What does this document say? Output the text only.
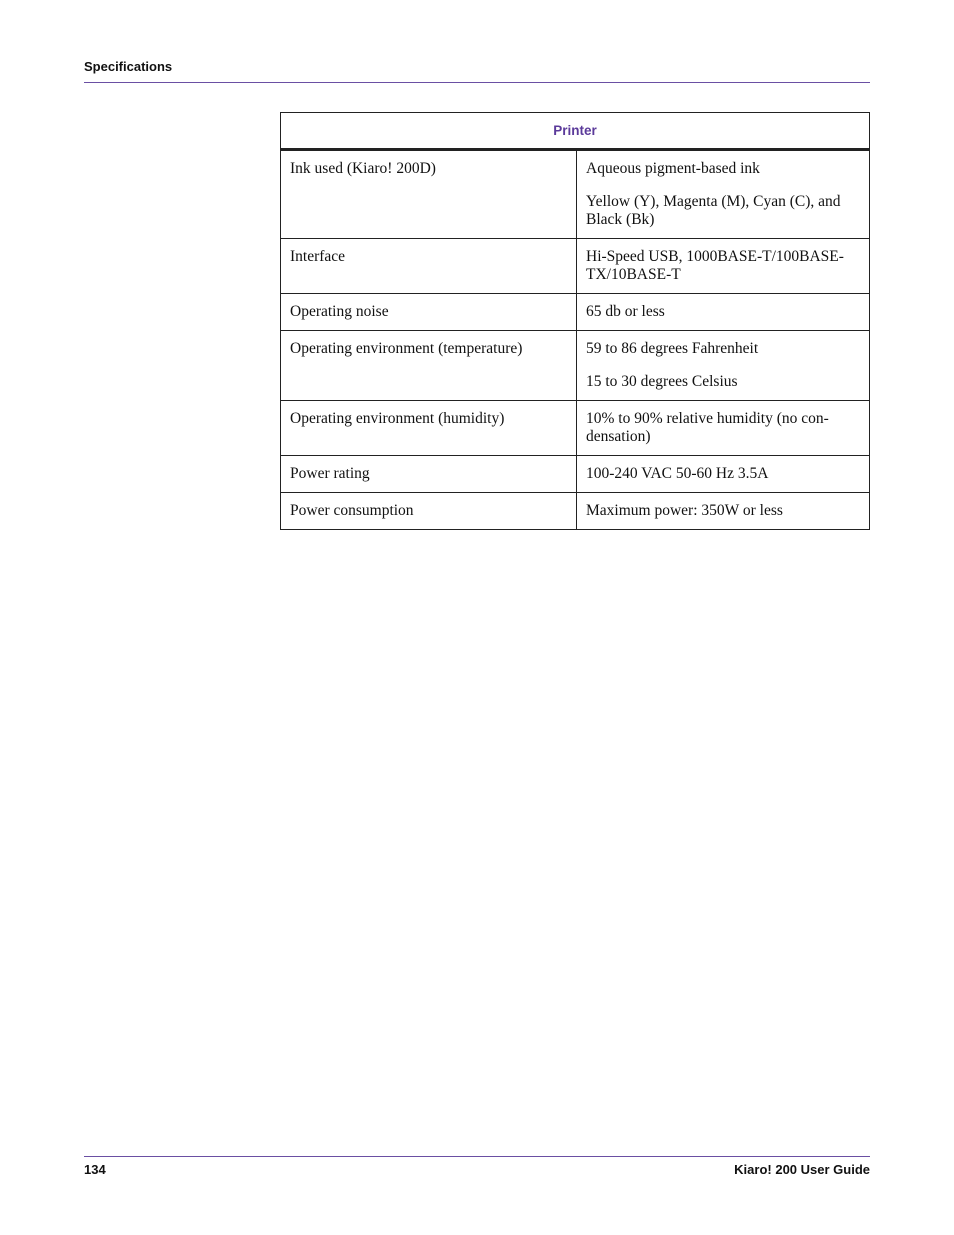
Specifications
Printer	
Ink used (Kiaro! 200D)	Aqueous pigment-based ink

Yellow (Y), Magenta (M), Cyan (C), and Black (Bk)

Interface	Hi-Speed USB, 1000BASE-T/100BASE-TX/10BASE-T

Operating noise	65 db or less

Operating environment (temperature)	59 to 86 degrees Fahrenheit

15 to 30 degrees Celsius

Operating environment (humidity)	10% to 90% relative humidity (no con-densation)

Power rating	100-240 VAC 50-60 Hz 3.5A

Power consumption	Maximum power: 350W or less

134	Kiaro! 200 User Guide
